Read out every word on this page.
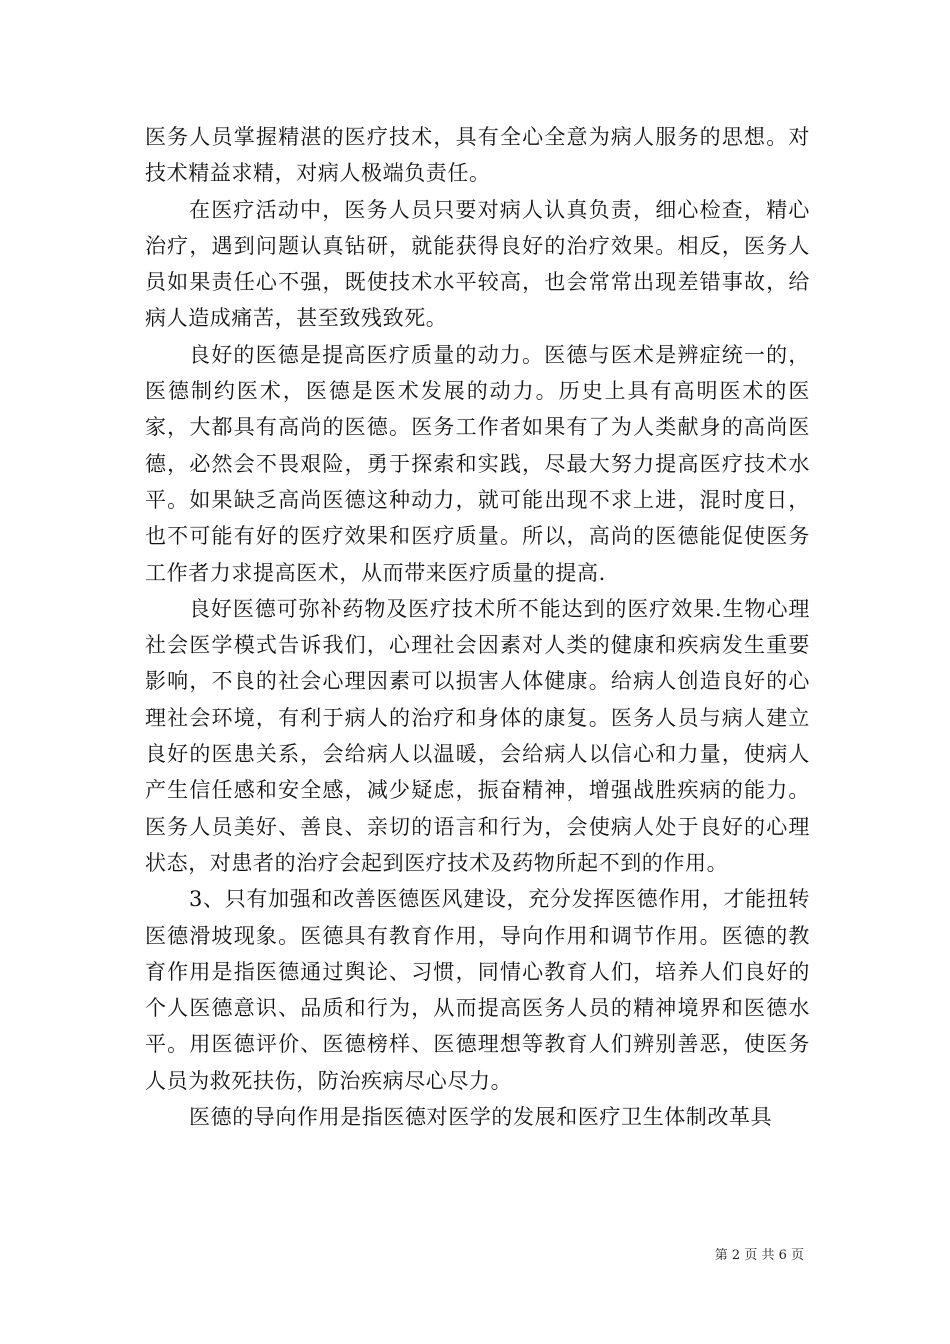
医务人员掌握精湛的医疗技术，具有全心全意为病人服务的思想。对技术精益求精，对病人极端负责任。

在医疗活动中，医务人员只要对病人认真负责，细心检查，精心治疗，遇到问题认真钻研，就能获得良好的治疗效果。相反，医务人员如果责任心不强，既使技术水平较高，也会常常出现差错事故，给病人造成痛苦，甚至致残致死。

良好的医德是提高医疗质量的动力。医德与医术是辨症统一的，医德制约医术，医德是医术发展的动力。历史上具有高明医术的医家，大都具有高尚的医德。医务工作者如果有了为人类献身的高尚医德，必然会不畏艰险，勇于探索和实践，尽最大努力提高医疗技术水平。如果缺乏高尚医德这种动力，就可能出现不求上进，混时度日，也不可能有好的医疗效果和医疗质量。所以，高尚的医德能促使医务工作者力求提高医术，从而带来医疗质量的提高.

良好医德可弥补药物及医疗技术所不能达到的医疗效果.生物心理社会医学模式告诉我们，心理社会因素对人类的健康和疾病发生重要影响，不良的社会心理因素可以损害人体健康。给病人创造良好的心理社会环境，有利于病人的治疗和身体的康复。医务人员与病人建立良好的医患关系，会给病人以温暖，会给病人以信心和力量，使病人产生信任感和安全感，减少疑虑，振奋精神，增强战胜疾病的能力。医务人员美好、善良、亲切的语言和行为，会使病人处于良好的心理状态，对患者的治疗会起到医疗技术及药物所起不到的作用。

3、只有加强和改善医德医风建设，充分发挥医德作用，才能扭转医德滑坡现象。医德具有教育作用，导向作用和调节作用。医德的教育作用是指医德通过舆论、习惯，同情心教育人们，培养人们良好的个人医德意识、品质和行为，从而提高医务人员的精神境界和医德水平。用医德评价、医德榜样、医德理想等教育人们辨别善恶，使医务人员为救死扶伤，防治疾病尽心尽力。

医德的导向作用是指医德对医学的发展和医疗卫生体制改革具

第 2 页 共 6 页
